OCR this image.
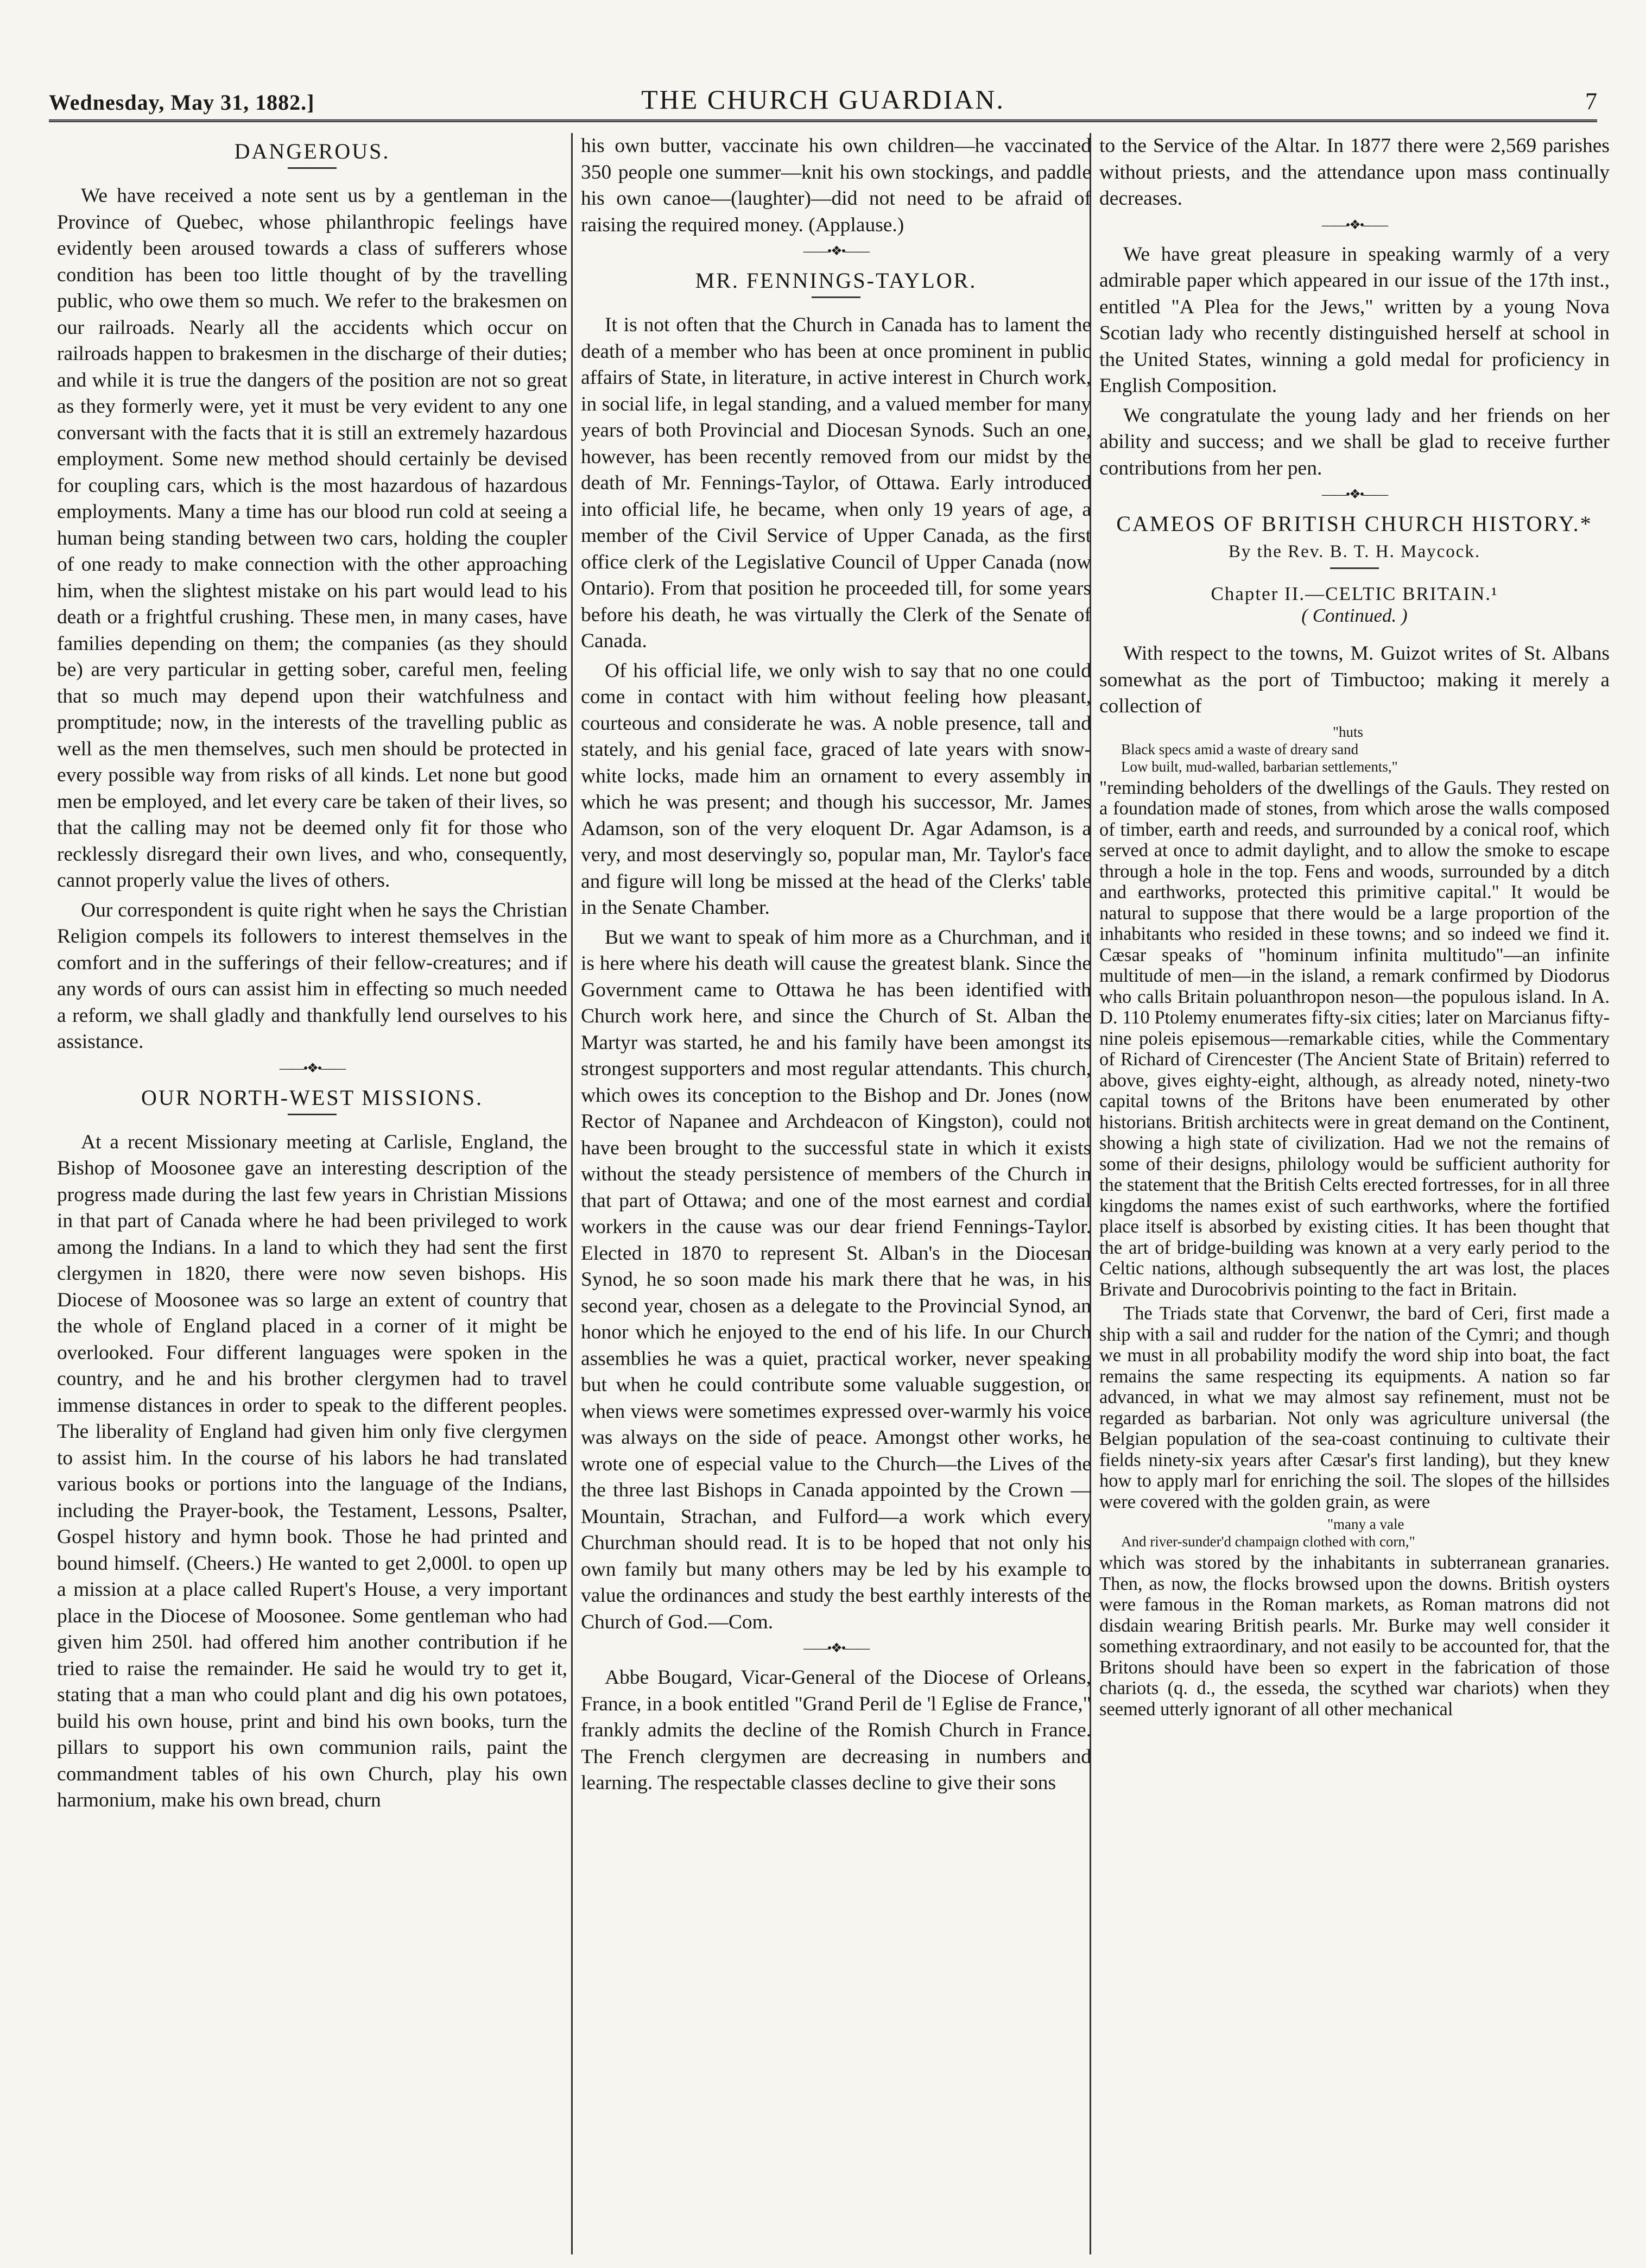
Wednesday, May 31, 1882.]	THE CHURCH GUARDIAN.	7
DANGEROUS.

We have received a note sent us by a gentleman in the Province of Quebec, whose philanthropic feelings have evidently been aroused towards a class of sufferers whose condition has been too little thought of by the travelling public, who owe them so much. We refer to the brakesmen on our railroads. Nearly all the accidents which occur on railroads happen to brakesmen in the discharge of their duties; and while it is true the dangers of the position are not so great as they formerly were, yet it must be very evident to any one conversant with the facts that it is still an extremely hazardous employment. Some new method should certainly be devised for coupling cars, which is the most hazardous of hazardous employments. Many a time has our blood run cold at seeing a human being standing between two cars, holding the coupler of one ready to make connection with the other approaching him, when the slightest mistake on his part would lead to his death or a frightful crushing. These men, in many cases, have families depending on them; the companies (as they should be) are very particular in getting sober, careful men, feeling that so much may depend upon their watchfulness and promptitude; now, in the interests of the travelling public as well as the men themselves, such men should be protected in every possible way from risks of all kinds. Let none but good men be employed, and let every care be taken of their lives, so that the calling may not be deemed only fit for those who recklessly disregard their own lives, and who, consequently, cannot properly value the lives of others.

Our correspondent is quite right when he says the Christian Religion compels its followers to interest themselves in the comfort and in the sufferings of their fellow-creatures; and if any words of ours can assist him in effecting so much needed a reform, we shall gladly and thankfully lend ourselves to his assistance.

——•❖•——
OUR NORTH-WEST MISSIONS.

At a recent Missionary meeting at Carlisle, England, the Bishop of Moosonee gave an interesting description of the progress made during the last few years in Christian Missions in that part of Canada where he had been privileged to work among the Indians. In a land to which they had sent the first clergymen in 1820, there were now seven bishops. His Diocese of Moosonee was so large an extent of country that the whole of England placed in a corner of it might be overlooked. Four different languages were spoken in the country, and he and his brother clergymen had to travel immense distances in order to speak to the different peoples. The liberality of England had given him only five clergymen to assist him. In the course of his labors he had translated various books or portions into the language of the Indians, including the Prayer-book, the Testament, Lessons, Psalter, Gospel history and hymn book. Those he had printed and bound himself. (Cheers.) He wanted to get 2,000l. to open up a mission at a place called Rupert's House, a very important place in the Diocese of Moosonee. Some gentleman who had given him 250l. had offered him another contribution if he tried to raise the remainder. He said he would try to get it, stating that a man who could plant and dig his own potatoes, build his own house, print and bind his own books, turn the pillars to support his own communion rails, paint the commandment tables of his own Church, play his own harmonium, make his own bread, churn

his own butter, vaccinate his own children—he vaccinated 350 people one summer—knit his own stockings, and paddle his own canoe—(laughter)—did not need to be afraid of raising the required money. (Applause.)

——•❖•——
MR. FENNINGS-TAYLOR.

It is not often that the Church in Canada has to lament the death of a member who has been at once prominent in public affairs of State, in literature, in active interest in Church work, in social life, in legal standing, and a valued member for many years of both Provincial and Diocesan Synods. Such an one, however, has been recently removed from our midst by the death of Mr. Fennings-Taylor, of Ottawa. Early introduced into official life, he became, when only 19 years of age, a member of the Civil Service of Upper Canada, as the first office clerk of the Legislative Council of Upper Canada (now Ontario). From that position he proceeded till, for some years before his death, he was virtually the Clerk of the Senate of Canada.

Of his official life, we only wish to say that no one could come in contact with him without feeling how pleasant, courteous and considerate he was. A noble presence, tall and stately, and his genial face, graced of late years with snow-white locks, made him an ornament to every assembly in which he was present; and though his successor, Mr. James Adamson, son of the very eloquent Dr. Agar Adamson, is a very, and most deservingly so, popular man, Mr. Taylor's face and figure will long be missed at the head of the Clerks' table in the Senate Chamber.

But we want to speak of him more as a Churchman, and it is here where his death will cause the greatest blank. Since the Government came to Ottawa he has been identified with Church work here, and since the Church of St. Alban the Martyr was started, he and his family have been amongst its strongest supporters and most regular attendants. This church, which owes its conception to the Bishop and Dr. Jones (now Rector of Napanee and Archdeacon of Kingston), could not have been brought to the successful state in which it exists without the steady persistence of members of the Church in that part of Ottawa; and one of the most earnest and cordial workers in the cause was our dear friend Fennings-Taylor. Elected in 1870 to represent St. Alban's in the Diocesan Synod, he so soon made his mark there that he was, in his second year, chosen as a delegate to the Provincial Synod, an honor which he enjoyed to the end of his life. In our Church assemblies he was a quiet, practical worker, never speaking but when he could contribute some valuable suggestion, or when views were sometimes expressed over-warmly his voice was always on the side of peace. Amongst other works, he wrote one of especial value to the Church—the Lives of the the three last Bishops in Canada appointed by the Crown — Mountain, Strachan, and Fulford—a work which every Churchman should read. It is to be hoped that not only his own family but many others may be led by his example to value the ordinances and study the best earthly interests of the Church of God.—Com.

——•❖•——

Abbe Bougard, Vicar-General of the Diocese of Orleans, France, in a book entitled "Grand Peril de 'l Eglise de France," frankly admits the decline of the Romish Church in France. The French clergymen are decreasing in numbers and learning. The respectable classes decline to give their sons

to the Service of the Altar. In 1877 there were 2,569 parishes without priests, and the attendance upon mass continually decreases.

——•❖•——

We have great pleasure in speaking warmly of a very admirable paper which appeared in our issue of the 17th inst., entitled "A Plea for the Jews," written by a young Nova Scotian lady who recently distinguished herself at school in the United States, winning a gold medal for proficiency in English Composition.

We congratulate the young lady and her friends on her ability and success; and we shall be glad to receive further contributions from her pen.

——•❖•——
CAMEOS OF BRITISH CHURCH HISTORY.*
By the Rev. B. T. H. Maycock.
Chapter II.—CELTIC BRITAIN.¹
( Continued. )

With respect to the towns, M. Guizot writes of St. Albans somewhat as the port of Timbuctoo; making it merely a collection of

"huts
Black specs amid a waste of dreary sand
Low built, mud-walled, barbarian settlements,"

"reminding beholders of the dwellings of the Gauls. They rested on a foundation made of stones, from which arose the walls composed of timber, earth and reeds, and surrounded by a conical roof, which served at once to admit daylight, and to allow the smoke to escape through a hole in the top. Fens and woods, surrounded by a ditch and earthworks, protected this primitive capital." It would be natural to suppose that there would be a large proportion of the inhabitants who resided in these towns; and so indeed we find it. Cæsar speaks of "hominum infinita multitudo"—an infinite multitude of men—in the island, a remark confirmed by Diodorus who calls Britain poluanthropon neson—the populous island. In A. D. 110 Ptolemy enumerates fifty-six cities; later on Marcianus fifty-nine poleis episemous—remarkable cities, while the Commentary of Richard of Cirencester (The Ancient State of Britain) referred to above, gives eighty-eight, although, as already noted, ninety-two capital towns of the Britons have been enumerated by other historians. British architects were in great demand on the Continent, showing a high state of civilization. Had we not the remains of some of their designs, philology would be sufficient authority for the statement that the British Celts erected fortresses, for in all three kingdoms the names exist of such earthworks, where the fortified place itself is absorbed by existing cities. It has been thought that the art of bridge-building was known at a very early period to the Celtic nations, although subsequently the art was lost, the places Brivate and Durocobrivis pointing to the fact in Britain.

The Triads state that Corvenwr, the bard of Ceri, first made a ship with a sail and rudder for the nation of the Cymri; and though we must in all probability modify the word ship into boat, the fact remains the same respecting its equipments. A nation so far advanced, in what we may almost say refinement, must not be regarded as barbarian. Not only was agriculture universal (the Belgian population of the sea-coast continuing to cultivate their fields ninety-six years after Cæsar's first landing), but they knew how to apply marl for enriching the soil. The slopes of the hillsides were covered with the golden grain, as were

"many a vale
And river-sunder'd champaign clothed with corn,"

which was stored by the inhabitants in subterranean granaries. Then, as now, the flocks browsed upon the downs. British oysters were famous in the Roman markets, as Roman matrons did not disdain wearing British pearls. Mr. Burke may well consider it something extraordinary, and not easily to be accounted for, that the Britons should have been so expert in the fabrication of those chariots (q. d., the esseda, the scythed war chariots) when they seemed utterly ignorant of all other mechanical
